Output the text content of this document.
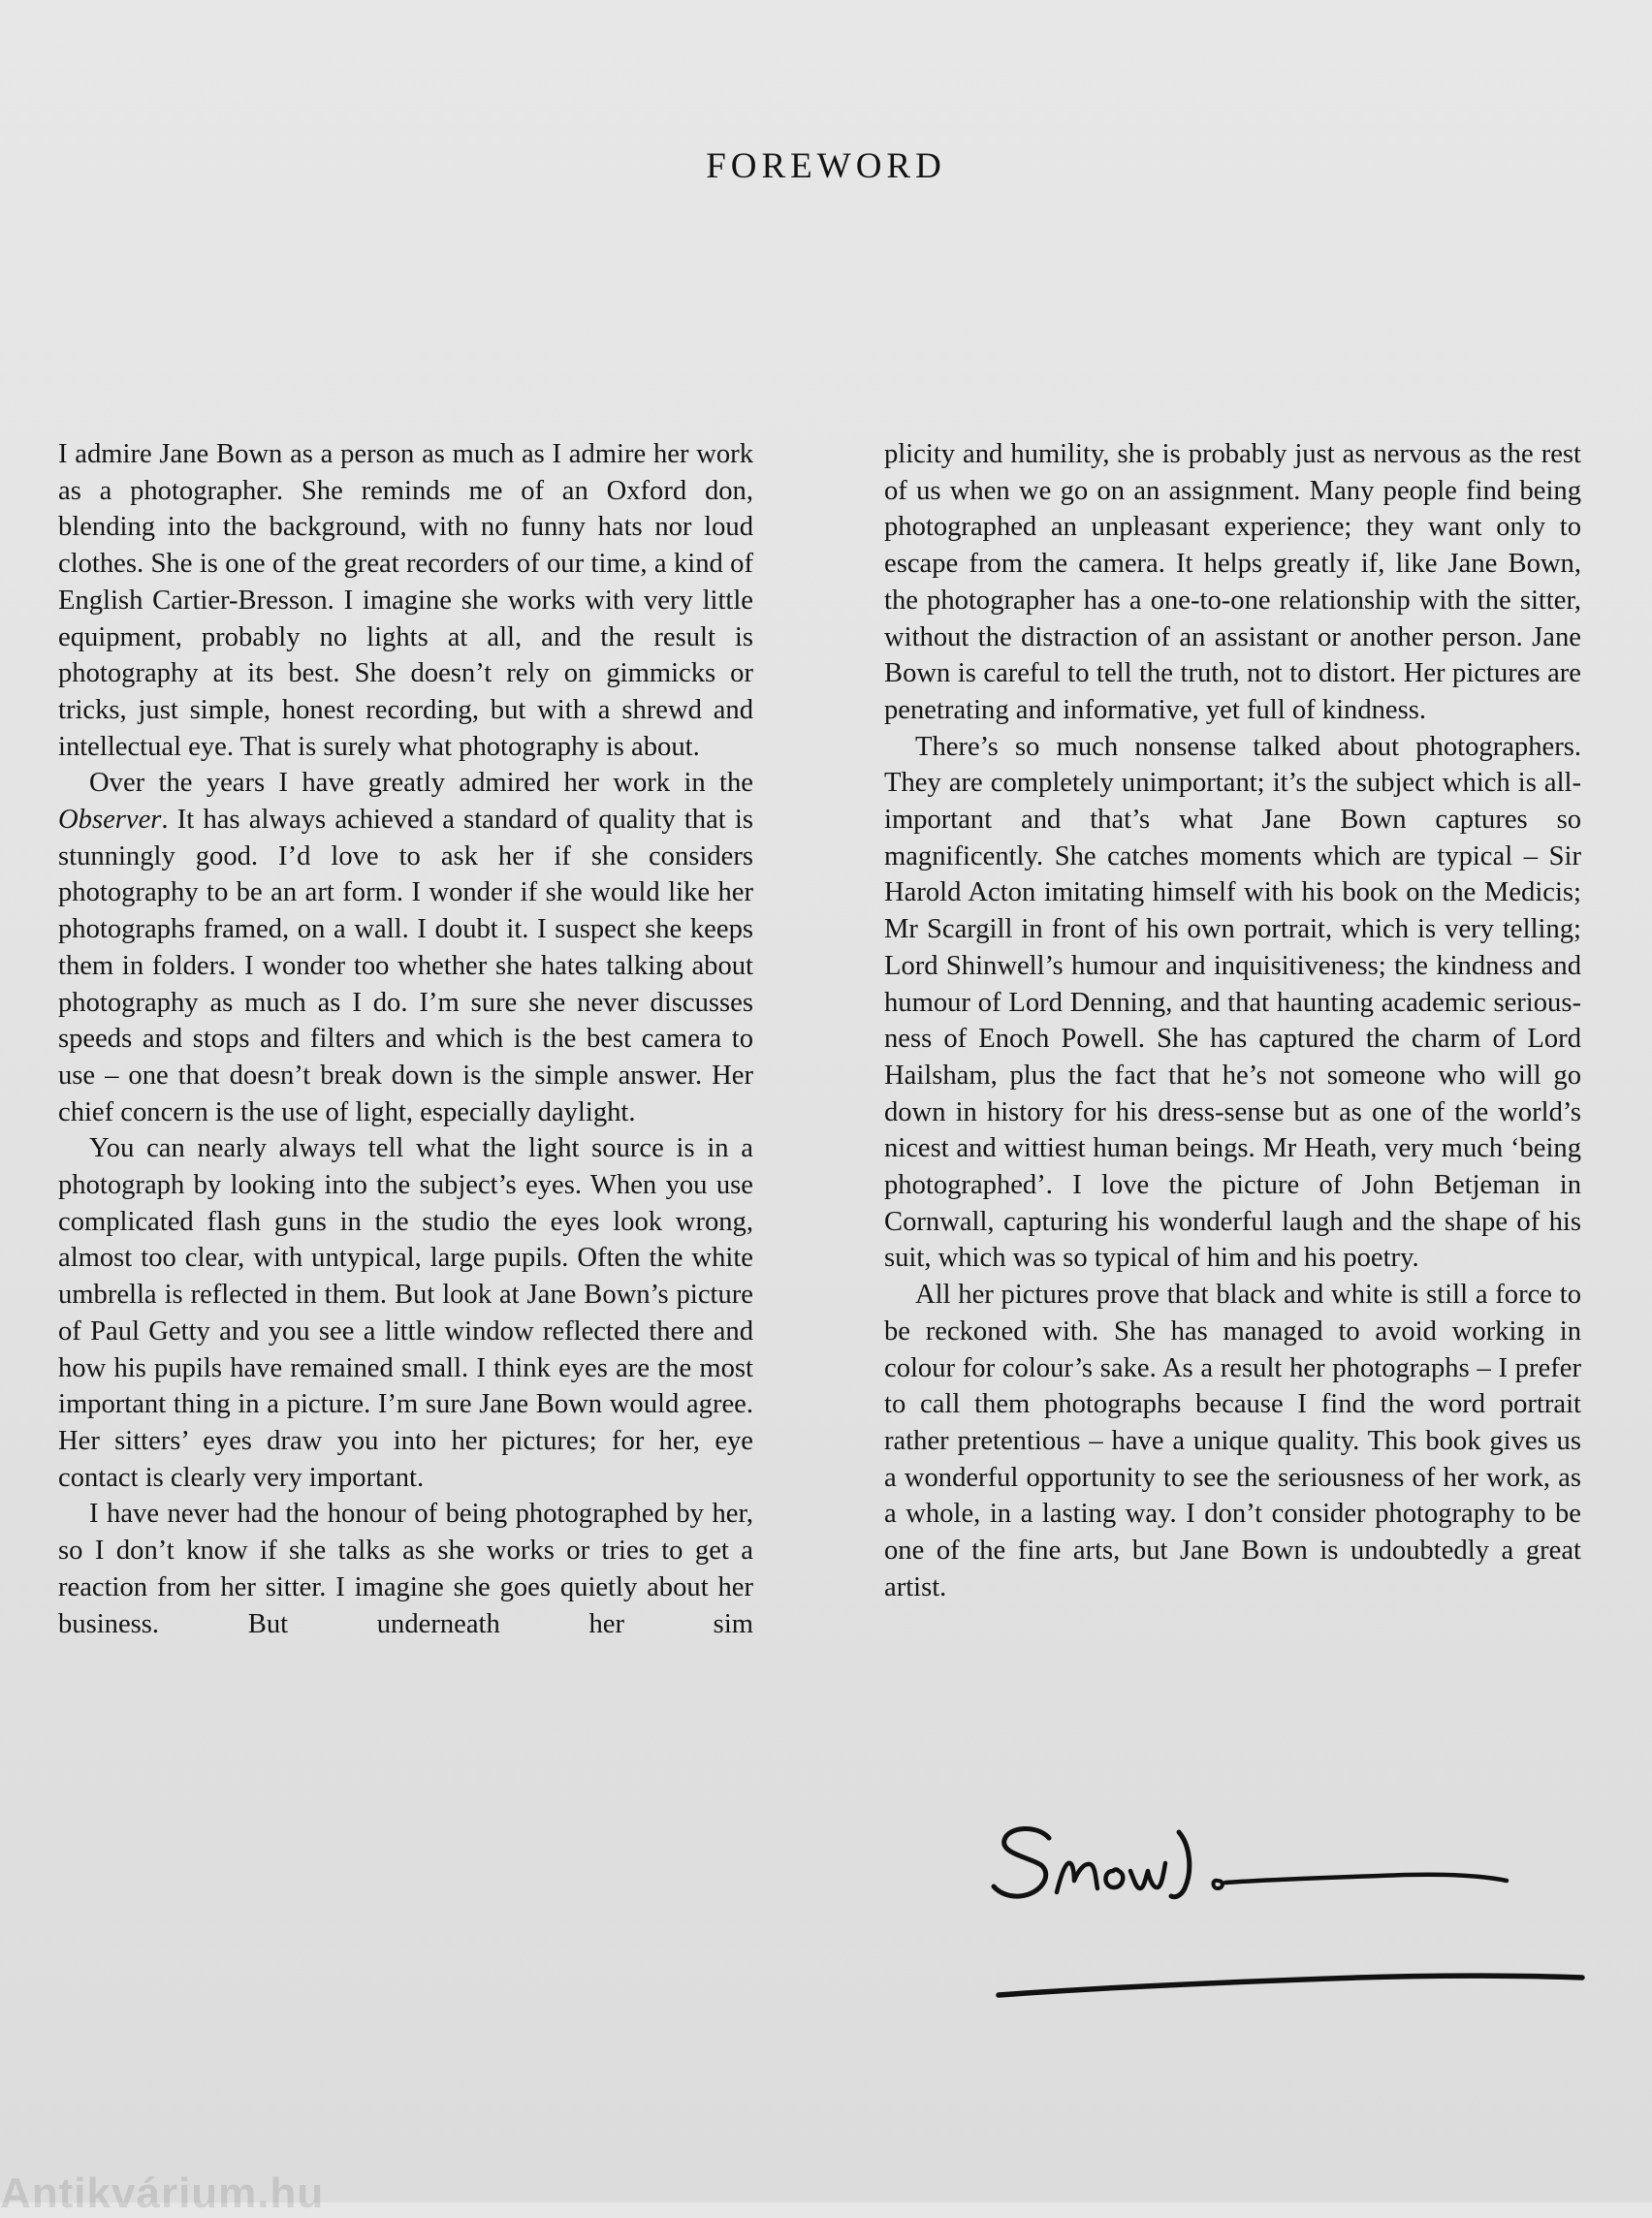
FOREWORD

I admire Jane Bown as a person as much as I admire her work as a photographer. She reminds me of an Oxford don, blending into the background, with no funny hats nor loud clothes. She is one of the great recorders of our time, a kind of English Cartier-Bresson. I imagine she works with very little equipment, probably no lights at all, and the result is photography at its best. She doesn’t rely on gimmicks or tricks, just simple, honest recording, but with a shrewd and intellectual eye. That is surely what photography is about.

Over the years I have greatly admired her work in the Observer. It has always achieved a standard of quality that is stunningly good. I’d love to ask her if she considers photography to be an art form. I wonder if she would like her photographs framed, on a wall. I doubt it. I suspect she keeps them in folders. I wonder too whether she hates talking about photography as much as I do. I’m sure she never discusses speeds and stops and filters and which is the best camera to use – one that doesn’t break down is the simple answer. Her chief concern is the use of light, especially daylight.

You can nearly always tell what the light source is in a photograph by looking into the subject’s eyes. When you use complicated flash guns in the studio the eyes look wrong, almost too clear, with untypical, large pupils. Often the white umbrella is reflected in them. But look at Jane Bown’s picture of Paul Getty and you see a little window reflected there and how his pupils have remained small. I think eyes are the most important thing in a picture. I’m sure Jane Bown would agree. Her sitters’ eyes draw you into her pictures; for her, eye contact is clearly very important.

I have never had the honour of being photographed by her, so I don’t know if she talks as she works or tries to get a reaction from her sitter. I imagine she goes quietly about her business. But underneath her sim

plicity and humility, she is probably just as nervous as the rest of us when we go on an assignment. Many people find being photographed an unpleasant experience; they want only to escape from the camera. It helps greatly if, like Jane Bown, the photographer has a one-to-one relationship with the sitter, without the distraction of an assistant or another person. Jane Bown is careful to tell the truth, not to distort. Her pictures are penetrating and informative, yet full of kindness.

There’s so much nonsense talked about photographers. They are completely unimportant; it’s the subject which is all-important and that’s what Jane Bown captures so magnificently. She catches moments which are typical – Sir Harold Acton imitating himself with his book on the Medicis; Mr Scargill in front of his own portrait, which is very telling; Lord Shinwell’s humour and inquisitiveness; the kindness and humour of Lord Denning, and that haunting academic seriousness of Enoch Powell. She has captured the charm of Lord Hailsham, plus the fact that he’s not someone who will go down in history for his dress-sense but as one of the world’s nicest and wittiest human beings. Mr Heath, very much ‘being photographed’. I love the picture of John Betjeman in Cornwall, capturing his wonderful laugh and the shape of his suit, which was so typical of him and his poetry.

All her pictures prove that black and white is still a force to be reckoned with. She has managed to avoid working in colour for colour’s sake. As a result her photographs – I prefer to call them photographs because I find the word portrait rather pretentious – have a unique quality. This book gives us a wonderful opportunity to see the seriousness of her work, as a whole, in a lasting way. I don’t consider photography to be one of the fine arts, but Jane Bown is undoubtedly a great artist.

Antikvárium.hu
